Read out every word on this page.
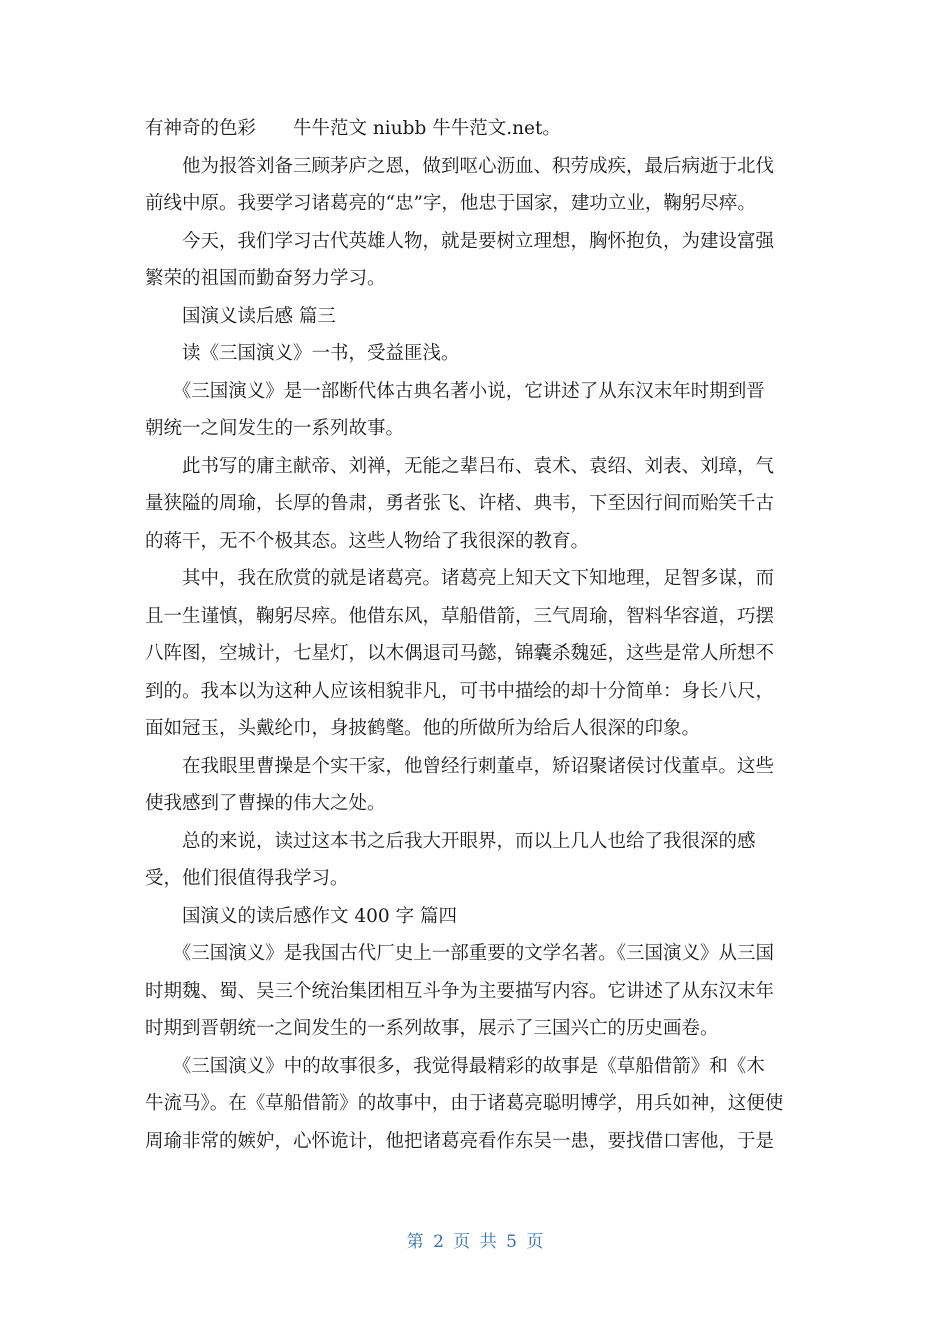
有神奇的色彩　　牛牛范文 niubb 牛牛范文.net。
　　他为报答刘备三顾茅庐之恩，做到呕心沥血、积劳成疾，最后病逝于北伐
前线中原。我要学习诸葛亮的“忠”字，他忠于国家，建功立业，鞠躬尽瘁。
　　今天，我们学习古代英雄人物，就是要树立理想，胸怀抱负，为建设富强
繁荣的祖国而勤奋努力学习。
　　国演义读后感 篇三
　　读《三国演义》一书，受益匪浅。
　　《三国演义》是一部断代体古典名著小说，它讲述了从东汉末年时期到晋
朝统一之间发生的一系列故事。
　　此书写的庸主献帝、刘禅，无能之辈吕布、袁术、袁绍、刘表、刘璋，气
量狭隘的周瑜，长厚的鲁肃，勇者张飞、许楮、典韦，下至因行间而贻笑千古
的蒋干，无不个极其态。这些人物给了我很深的教育。
　　其中，我在欣赏的就是诸葛亮。诸葛亮上知天文下知地理，足智多谋，而
且一生谨慎，鞠躬尽瘁。他借东风，草船借箭，三气周瑜，智料华容道，巧摆
八阵图，空城计，七星灯，以木偶退司马懿，锦囊杀魏延，这些是常人所想不
到的。我本以为这种人应该相貌非凡，可书中描绘的却十分简单：身长八尺，
面如冠玉，头戴纶巾，身披鹤氅。他的所做所为给后人很深的印象。
　　在我眼里曹操是个实干家，他曾经行刺董卓，矫诏聚诸侯讨伐董卓。这些
使我感到了曹操的伟大之处。
　　总的来说，读过这本书之后我大开眼界，而以上几人也给了我很深的感
受，他们很值得我学习。
　　国演义的读后感作文 400 字 篇四
　　《三国演义》是我国古代厂史上一部重要的文学名著。《三国演义》从三国
时期魏、蜀、吴三个统治集团相互斗争为主要描写内容。它讲述了从东汉末年
时期到晋朝统一之间发生的一系列故事，展示了三国兴亡的历史画卷。
　　《三国演义》中的故事很多，我觉得最精彩的故事是《草船借箭》和《木
牛流马》。在《草船借箭》的故事中，由于诸葛亮聪明博学，用兵如神，这便使
周瑜非常的嫉妒，心怀诡计，他把诸葛亮看作东吴一患，要找借口害他，于是
第 2 页 共 5 页
